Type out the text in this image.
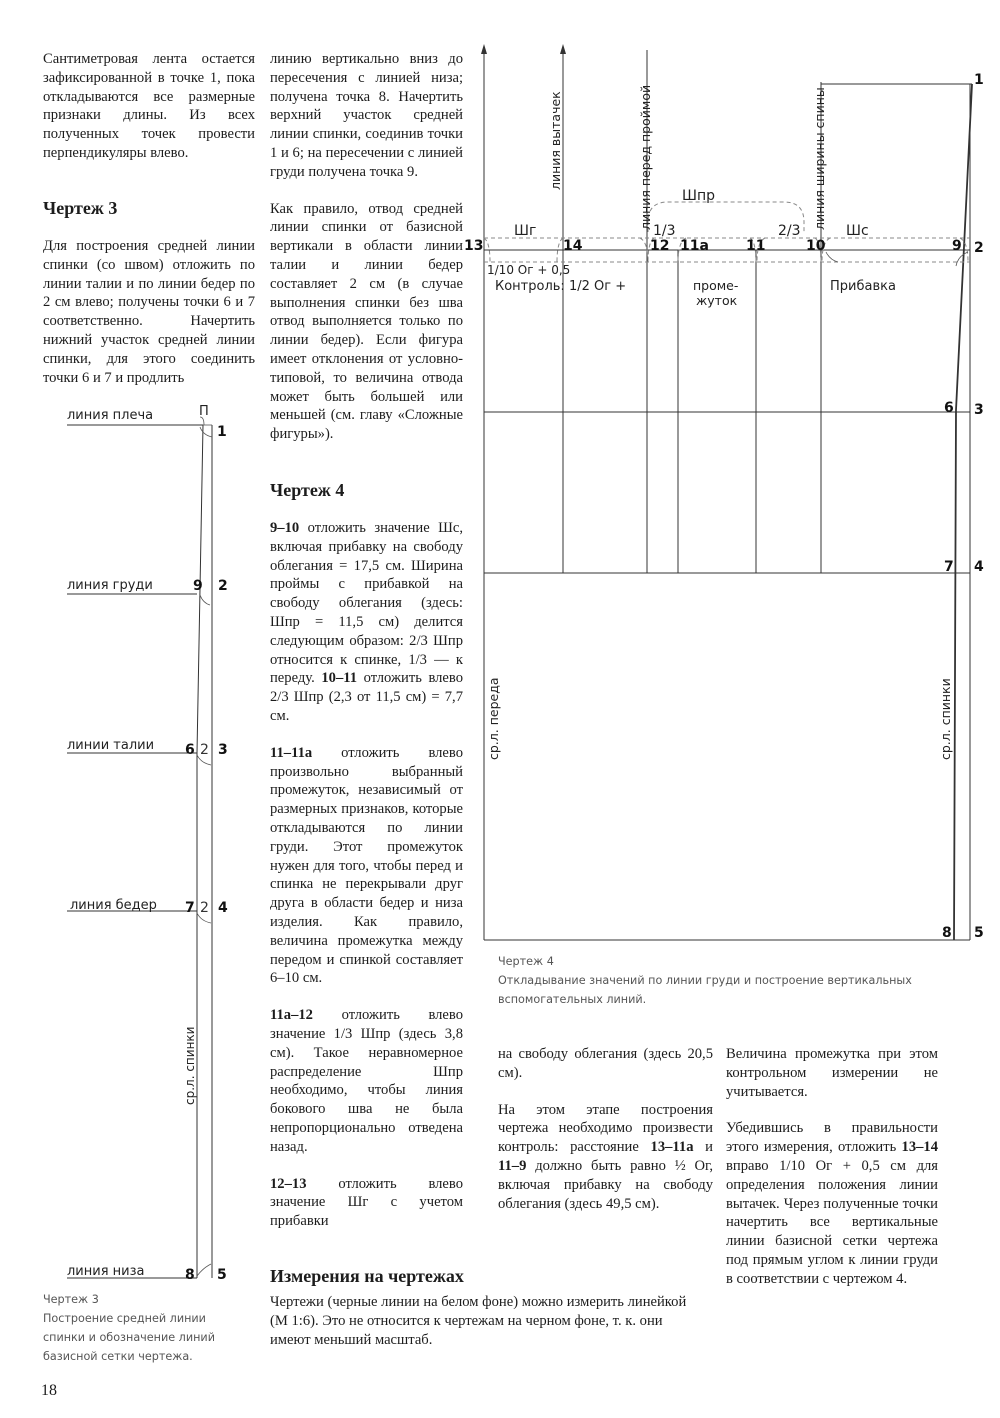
Сантиметровая лента остается зафиксированной в точке 1, пока откладываются все размерные признаки длины. Из всех полученных точек провести перпендикуляры влево.

Чертеж 3

Для построения средней линии спинки (со швом) отложить по линии талии и по линии бедер по 2 см влево; получены точки 6 и 7 соответственно. Начертить нижний участок средней линии спинки, для этого соединить точки 6 и 7 и продлить

линия плеча
линия груди
линии талии
линия бедер
линия низа
П
1
9 2
6 2 3
7 2 4
8 5
ср.л. спинки
Чертеж 3
Построение средней линии
спинки и обозначение линий
базисной сетки чертежа.

линию вертикально вниз до пересечения с линией низа; получена точка 8. Начертить верхний участок средней линии спинки, соединив точки 1 и 6; на пересечении с линией груди получена точка 9.

Как правило, отвод средней линии спинки от базисной вертикали в области линии талии и линии бедер составляет 2 см (в случае выполнения спинки без шва отвод выполняется только по линии бедер). Если фигура имеет отклонения от условно-типовой, то величина отвода может быть большей или меньшей (см. главу «Сложные фигуры»).

Чертеж 4

9–10 отложить значение Шс, включая прибавку на свободу облегания = 17,5 см. Ширина проймы с прибавкой на свободу облегания (здесь: Шпр = 11,5 см) делится следующим образом: 2/3 Шпр относится к спинке, 1/3 — к переду. 10–11 отложить влево 2/3 Шпр (2,3 от 11,5 см) = 7,7 см.

11–11а отложить влево произвольно выбранный промежуток, независимый от размерных признаков, которые откладываются по линии груди. Этот промежуток нужен для того, чтобы перед и спинка не перекрывали друг друга в области бедер и низа изделия. Как правило, величина промежутка между передом и спинкой составляет 6–10 см.

11а–12 отложить влево значение 1/3 Шпр (здесь 3,8 см). Такое неравномерное распределение Шпр необходимо, чтобы линия бокового шва не была непропорционально отведена назад.

12–13 отложить влево значение Шг с учетом прибавки

линия вытачек	линия перед проймой	линия ширины спины
ср.л. переда	ср.л. спинки
Шпр
Шг	Шс
1/3	2/3
1/10 Ог + 0,5
Контроль: 1/2 Ог +	проме-
жуток
Прибавка
1
13	14	12 11а	11	10	9 2
6 3
7 4
8 5
Чертеж 4
Откладывание значений по линии груди и построение вертикальных
вспомогательных линий.

на свободу облегания (здесь 20,5 см).

На этом этапе построения чертежа необходимо произвести контроль: расстояние 13–11а и 11–9 должно быть равно ½ Ог, включая прибавку на свободу облегания (здесь 49,5 см).

Величина промежутка при этом контрольном измерении не учитывается.

Убедившись в правильности этого измерения, отложить 13–14 вправо 1/10 Ог + 0,5 см для определения положения линии вытачек. Через полученные точки начертить все вертикальные линии базисной сетки чертежа под прямым углом к линии груди в соответствии с чертежом 4.

Измерения на чертежах

Чертежи (черные линии на белом фоне) можно измерить линейкой (М 1:6). Это не относится к чертежам на черном фоне, т. к. они имеют меньший масштаб.

18
